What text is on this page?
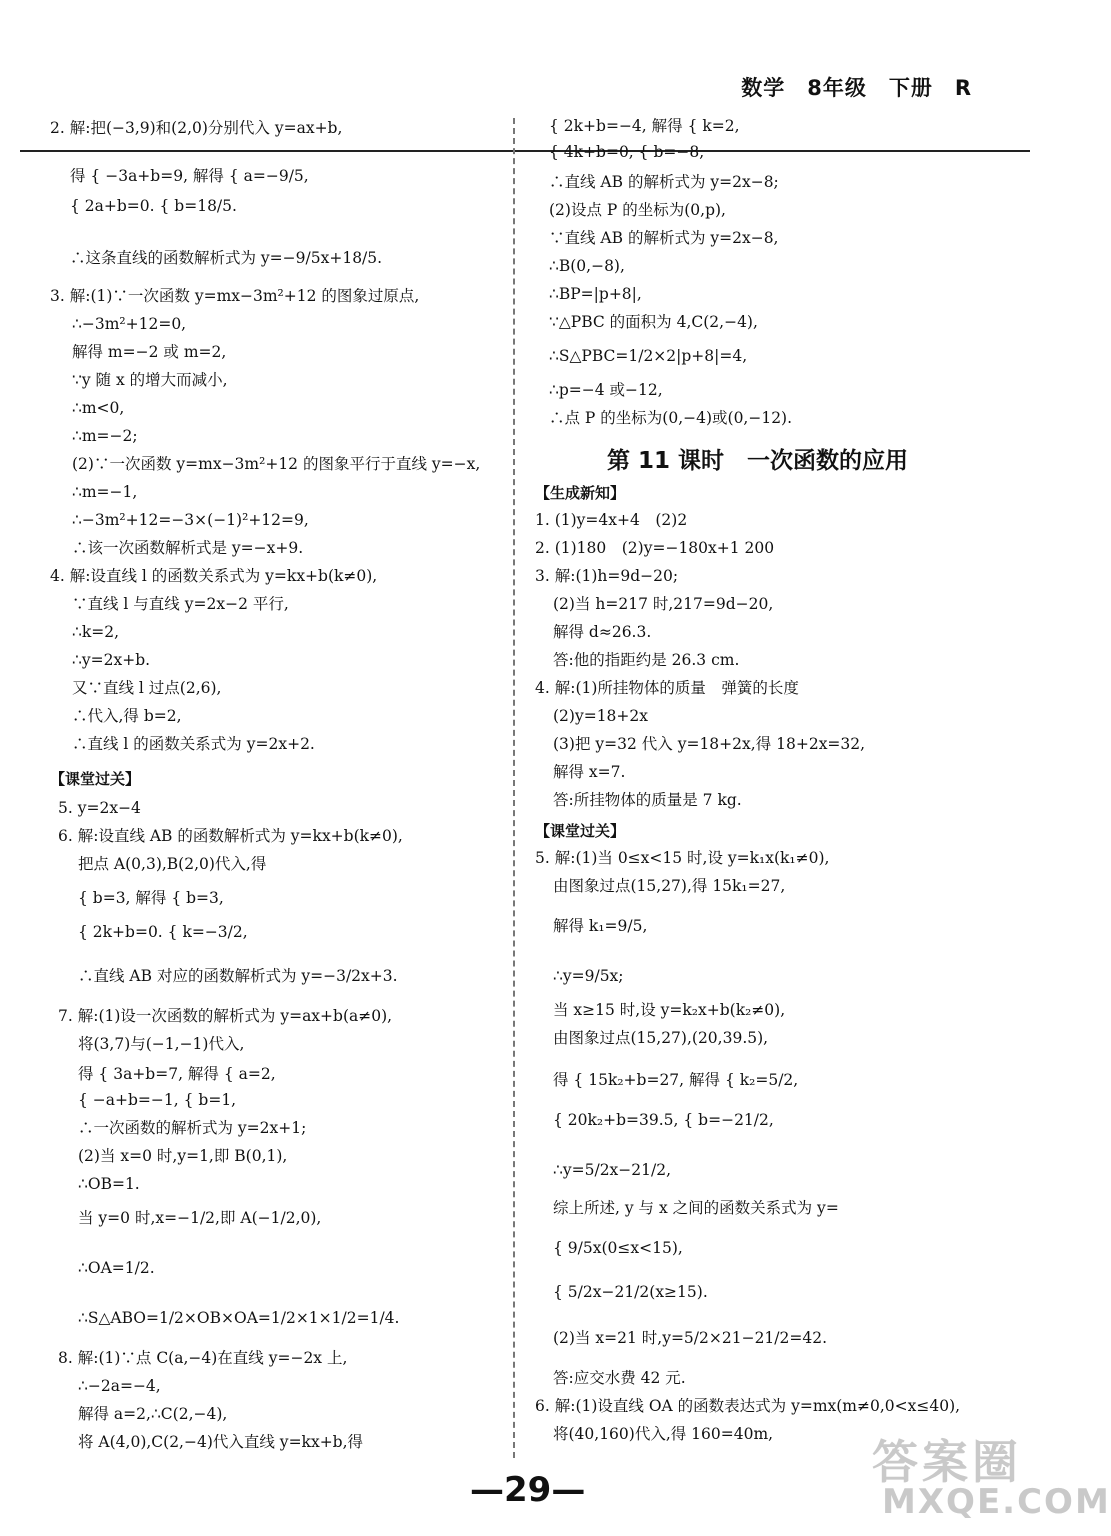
数学　8年级　下册　R
2. 解:把(−3,9)和(2,0)分别代入 y=ax+b,
得 { −3a+b=9, 解得 { a=−9/5,
{ 2a+b=0. { b=18/5.
∴这条直线的函数解析式为 y=−9/5x+18/5.
3. 解:(1)∵一次函数 y=mx−3m²+12 的图象过原点,
∴−3m²+12=0,
解得 m=−2 或 m=2,
∵y 随 x 的增大而减小,
∴m<0,
∴m=−2;
(2)∵一次函数 y=mx−3m²+12 的图象平行于直线 y=−x,
∴m=−1,
∴−3m²+12=−3×(−1)²+12=9,
∴该一次函数解析式是 y=−x+9.
4. 解:设直线 l 的函数关系式为 y=kx+b(k≠0),
∵直线 l 与直线 y=2x−2 平行,
∴k=2,
∴y=2x+b.
又∵直线 l 过点(2,6),
∴代入,得 b=2,
∴直线 l 的函数关系式为 y=2x+2.
5. y=2x−4
6. 解:设直线 AB 的函数解析式为 y=kx+b(k≠0),
把点 A(0,3),B(2,0)代入,得
{ b=3, 解得 { b=3,
{ 2k+b=0. { k=−3/2,
∴直线 AB 对应的函数解析式为 y=−3/2x+3.
7. 解:(1)设一次函数的解析式为 y=ax+b(a≠0),
将(3,7)与(−1,−1)代入,
得 { 3a+b=7, 解得 { a=2,
{ −a+b=−1, { b=1,
∴一次函数的解析式为 y=2x+1;
(2)当 x=0 时,y=1,即 B(0,1),
∴OB=1.
当 y=0 时,x=−1/2,即 A(−1/2,0),
∴OA=1/2.
∴S△ABO=1/2×OB×OA=1/2×1×1/2=1/4.
8. 解:(1)∵点 C(a,−4)在直线 y=−2x 上,
∴−2a=−4,
解得 a=2,∴C(2,−4),
将 A(4,0),C(2,−4)代入直线 y=kx+b,得
【课堂过关】
{ 2k+b=−4, 解得 { k=2,
{ 4k+b=0, { b=−8,
∴直线 AB 的解析式为 y=2x−8;
(2)设点 P 的坐标为(0,p),
∵直线 AB 的解析式为 y=2x−8,
∴B(0,−8),
∴BP=|p+8|,
∵△PBC 的面积为 4,C(2,−4),
∴S△PBC=1/2×2|p+8|=4,
∴p=−4 或−12,
∴点 P 的坐标为(0,−4)或(0,−12).
1. (1)y=4x+4　(2)2
2. (1)180　(2)y=−180x+1 200
3. 解:(1)h=9d−20;
(2)当 h=217 时,217=9d−20,
解得 d≈26.3.
答:他的指距约是 26.3 cm.
4. 解:(1)所挂物体的质量　弹簧的长度
(2)y=18+2x
(3)把 y=32 代入 y=18+2x,得 18+2x=32,
解得 x=7.
答:所挂物体的质量是 7 kg.
5. 解:(1)当 0≤x<15 时,设 y=k₁x(k₁≠0),
由图象过点(15,27),得 15k₁=27,
解得 k₁=9/5,
∴y=9/5x;
当 x≥15 时,设 y=k₂x+b(k₂≠0),
由图象过点(15,27),(20,39.5),
得 { 15k₂+b=27, 解得 { k₂=5/2,
{ 20k₂+b=39.5, { b=−21/2,
∴y=5/2x−21/2,
综上所述, y 与 x 之间的函数关系式为 y=
{ 9/5x(0≤x<15),
{ 5/2x−21/2(x≥15).
(2)当 x=21 时,y=5/2×21−21/2=42.
答:应交水费 42 元.
6. 解:(1)设直线 OA 的函数表达式为 y=mx(m≠0,0<x≤40),
将(40,160)代入,得 160=40m,
第 11 课时　一次函数的应用
【生成新知】
【课堂过关】
—29—
答案圈
MXQE.COM
